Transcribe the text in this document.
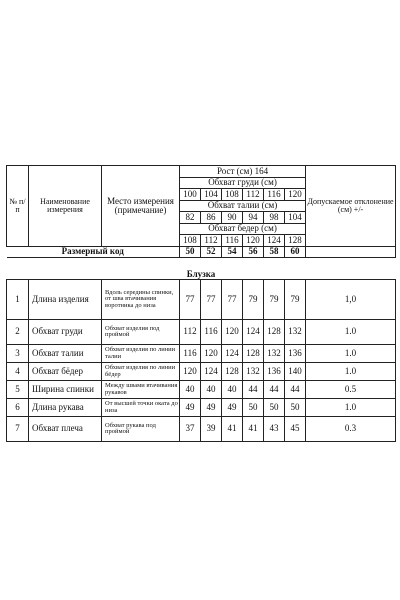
№ п/п	Наименование измерения	Место измерения (примечание)	Рост (см) 164						Допускаемое отклонение (см) +/-
			Обхват груди (см)						
			100	104	108	112	116	120	
			Обхват талии (см)						
			82	86	90	94	98	104	
			Обхват бедер (см)						
			108	112	116	120	124	128	
Размерный код			50	52	54	56	58	60	
Блузка									
1	Длина изделия	Вдоль середины спинки, от шва втачивания воротника до низа	77	77	77	79	79	79	1,0
2	Обхват груди	Обхват изделия под проймой	112	116	120	124	128	132	1.0
3	Обхват талии	Обхват изделия по линии талии	116	120	124	128	132	136	1.0
4	Обхват бёдер	Обхват изделия по линии бёдер	120	124	128	132	136	140	1.0
5	Ширина спинки	Между швами втачивания рукавов	40	40	40	44	44	44	0.5
6	Длина рукава	От высшей точки оката до низа	49	49	49	50	50	50	1.0
7	Обхват плеча	Обхват рукава под проймой	37	39	41	41	43	45	0.3
